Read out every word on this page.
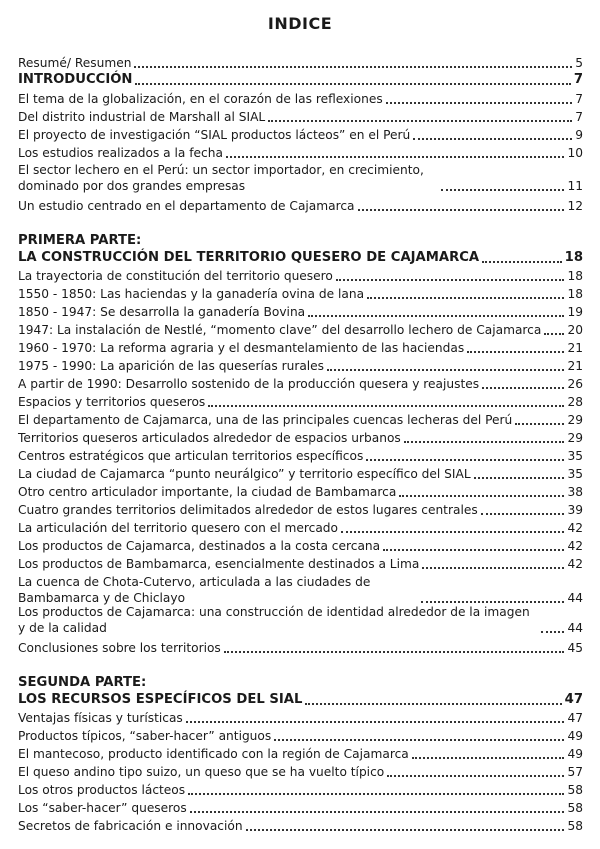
INDICE
Resumé/ Resumen	5
INTRODUCCIÓN	7
El tema de la globalización, en el corazón de las reflexiones	7
Del distrito industrial de Marshall al SIAL	7
El proyecto de investigación “SIAL productos lácteos” en el Perú	9
Los estudios realizados a la fecha	10
El sector lechero en el Perú: un sector importador, en crecimiento, dominado por dos grandes empresas	11
Un estudio centrado en el departamento de Cajamarca	12
PRIMERA PARTE:
LA CONSTRUCCIÓN DEL TERRITORIO QUESERO DE CAJAMARCA	18
La trayectoria de constitución del territorio quesero	18
1550 - 1850: Las haciendas y la ganadería ovina de lana	18
1850 - 1947: Se desarrolla la ganadería Bovina	19
1947: La instalación de Nestlé, “momento clave” del desarrollo lechero de Cajamarca 20
1960 - 1970: La reforma agraria y el desmantelamiento de las haciendas	21
1975 - 1990: La aparición de las queserías rurales	21
A partir de 1990: Desarrollo sostenido de la producción quesera y reajustes	26
Espacios y territorios queseros	28
El departamento de Cajamarca, una de las principales cuencas lecheras del Perú	29
Territorios queseros articulados alrededor de espacios urbanos	29
Centros estratégicos que articulan territorios específicos	35
La ciudad de Cajamarca “punto neurálgico” y territorio específico del SIAL	35
Otro centro articulador importante, la ciudad de Bambamarca	38
Cuatro grandes territorios delimitados alrededor de estos lugares centrales	39
La articulación del territorio quesero con el mercado	42
Los productos de Cajamarca, destinados a la costa cercana	42
Los productos de Bambamarca, esencialmente destinados a Lima	42
La cuenca de Chota-Cutervo, articulada a las ciudades de Bambamarca y de Chiclayo	44
Los productos de Cajamarca: una construcción de identidad alrededor de la imagen y de la calidad	44
Conclusiones sobre los territorios	45
SEGUNDA PARTE:
LOS RECURSOS ESPECÍFICOS DEL SIAL	47
Ventajas físicas y turísticas	47
Productos típicos, “saber-hacer” antiguos	49
El mantecoso, producto identificado con la región de Cajamarca	49
El queso andino tipo suizo, un queso que se ha vuelto típico	57
Los otros productos lácteos	58
Los “saber-hacer” queseros	58
Secretos de fabricación e innovación	58
